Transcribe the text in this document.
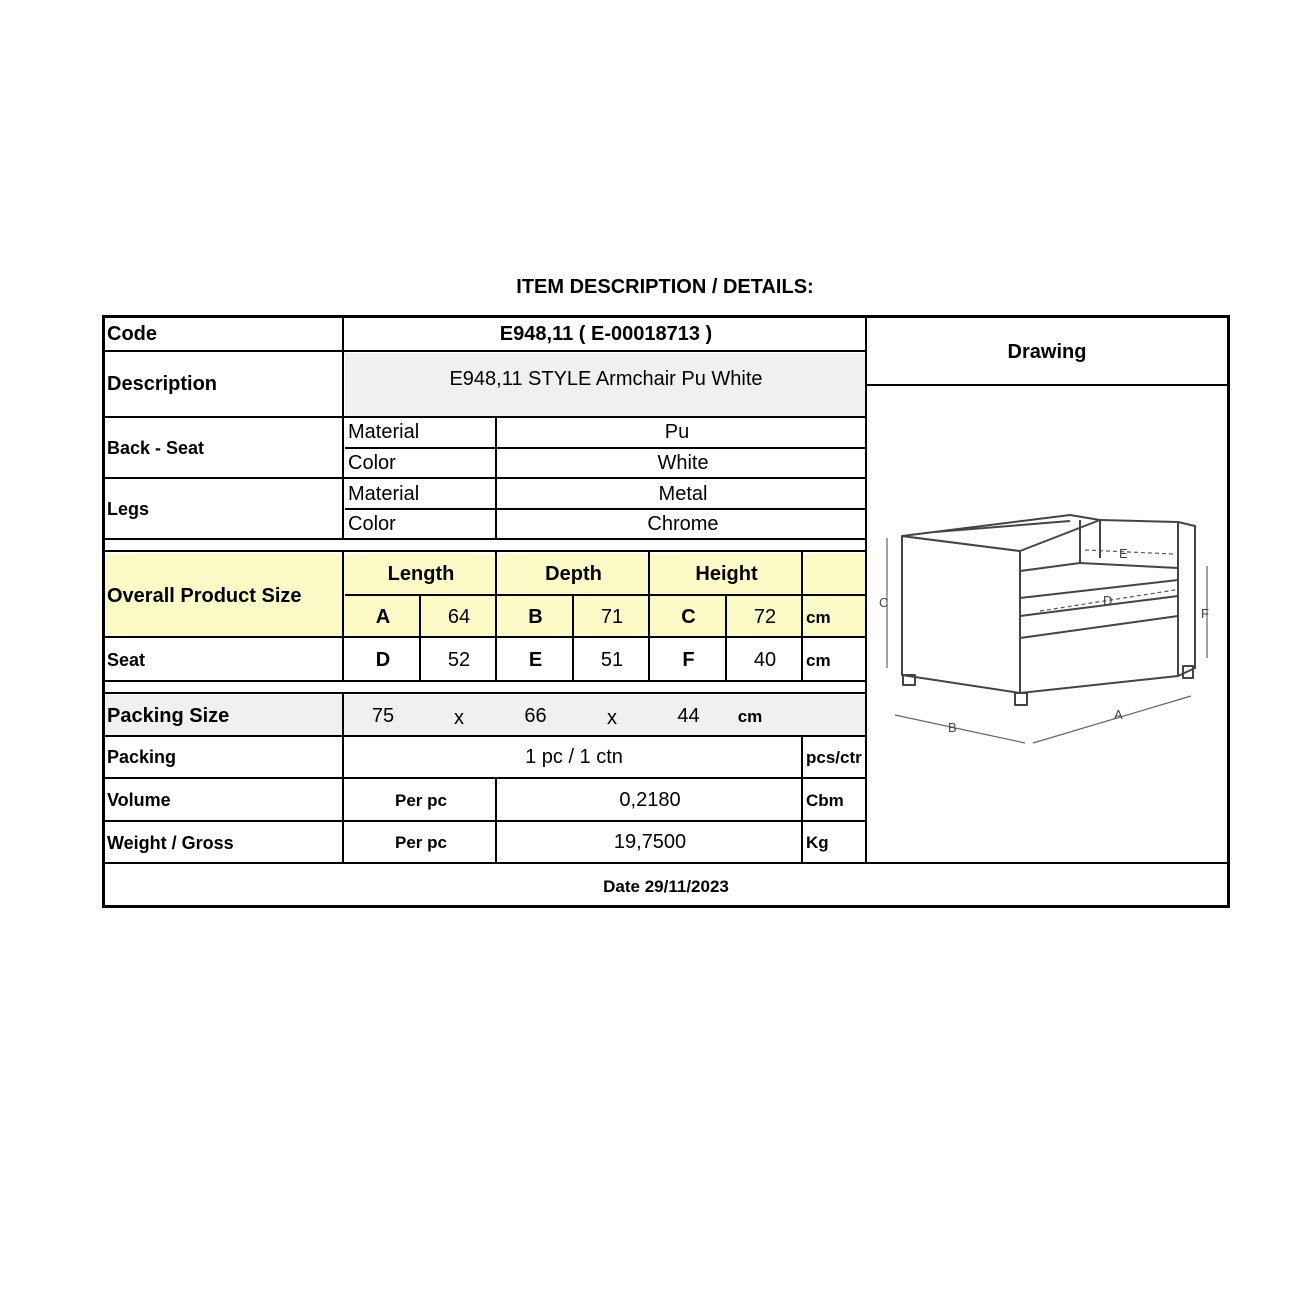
ITEM DESCRIPTION / DETAILS:
Code	E948,11 ( E-00018713 )
Drawing
Description	E948,11 STYLE Armchair Pu White
Back - Seat
Material	Pu
Color	White
Legs
Material	Metal
Color	Chrome
Overall Product Size
Length	Depth	Height
A	64	B	71	C	72	cm
Seat	D	52	E	51	F	40	cm
Packing Size	75	x	66	x	44	cm
Packing	1 pc / 1 ctn	pcs/ctr
Volume	Per pc	0,2180	Cbm
Weight / Gross	Per pc	19,7500	Kg
Date 29/11/2023
C
F
E
D
B
A
